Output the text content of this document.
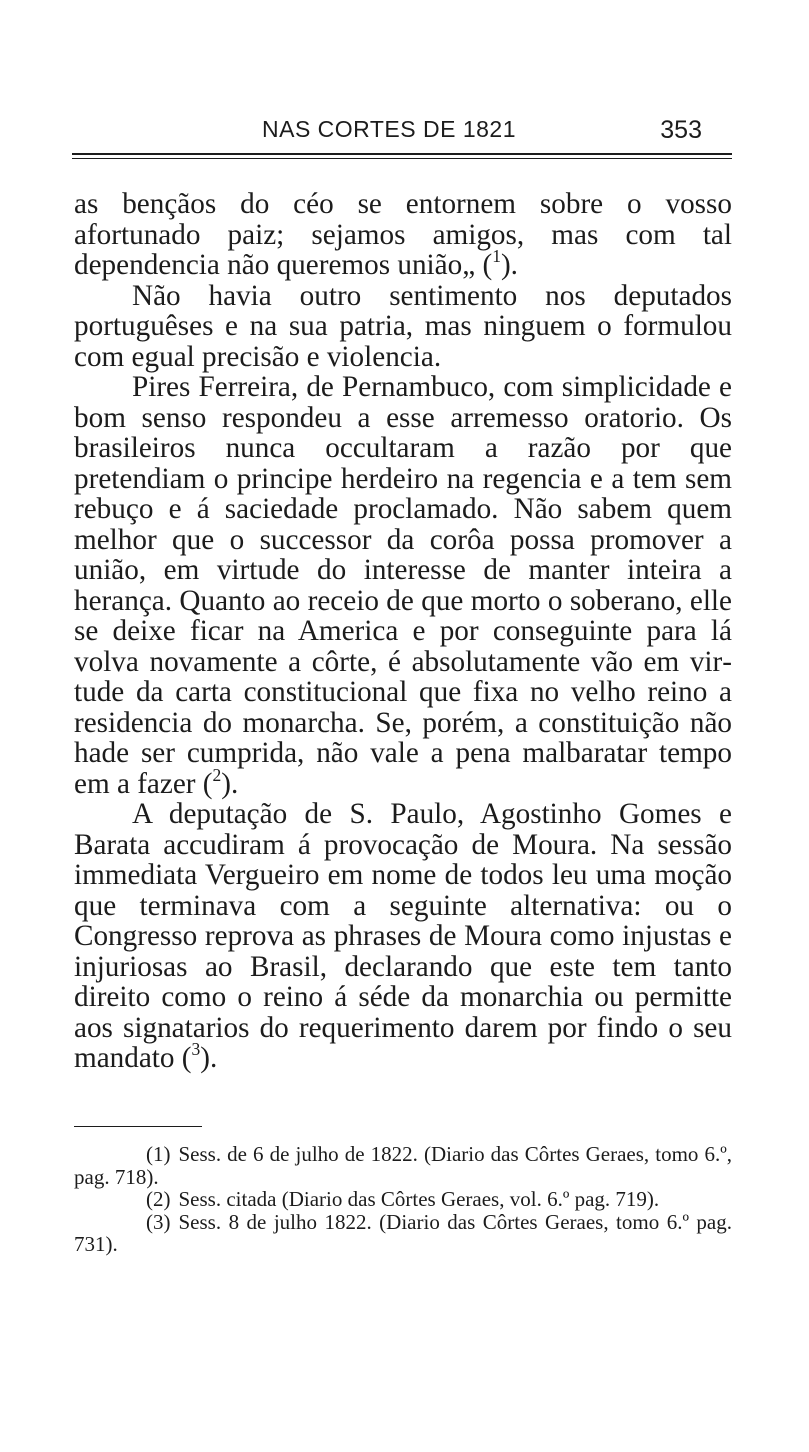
NAS CORTES DE 1821	353

as bençãos do céo se entornem sobre o vosso afortunado paiz; sejamos amigos, mas com tal dependencia não queremos união„ ($^1$).

Não havia outro sentimento nos deputados portuguêses e na sua patria, mas ninguem o formulou com egual precisão e violencia.

Pires Ferreira, de Pernambuco, com simplicidade e bom senso respondeu a esse arremesso oratorio. Os brasileiros nunca occultaram a razão por que pretendiam o principe herdeiro na regencia e a tem sem rebuço e á saciedade proclamado. Não sabem quem melhor que o successor da corôa possa promover a união, em virtude do interesse de manter inteira a herança. Quanto ao receio de que morto o soberano, elle se deixe ficar na America e por conseguinte para lá volva novamente a côrte, é absolutamente vão em virtude da carta constitucional que fixa no velho reino a residencia do monarcha. Se, porém, a constituição não hade ser cumprida, não vale a pena malbaratar tempo em a fazer ($^2$).

A deputação de S. Paulo, Agostinho Gomes e Barata accudiram á provocação de Moura. Na sessão immediata Vergueiro em nome de todos leu uma moção que terminava com a seguinte alternativa: ou o Congresso reprova as phrases de Moura como injustas e injuriosas ao Brasil, declarando que este tem tanto direito como o reino á séde da monarchia ou permitte aos signatarios do requerimento darem por findo o seu mandato ($^3$).

(1) Sess. de 6 de julho de 1822. (Diario das Côrtes Geraes, tomo 6.º, pag. 718).

(2) Sess. citada (Diario das Côrtes Geraes, vol. 6.º pag. 719).

(3) Sess. 8 de julho 1822. (Diario das Côrtes Geraes, tomo 6.º pag. 731).
